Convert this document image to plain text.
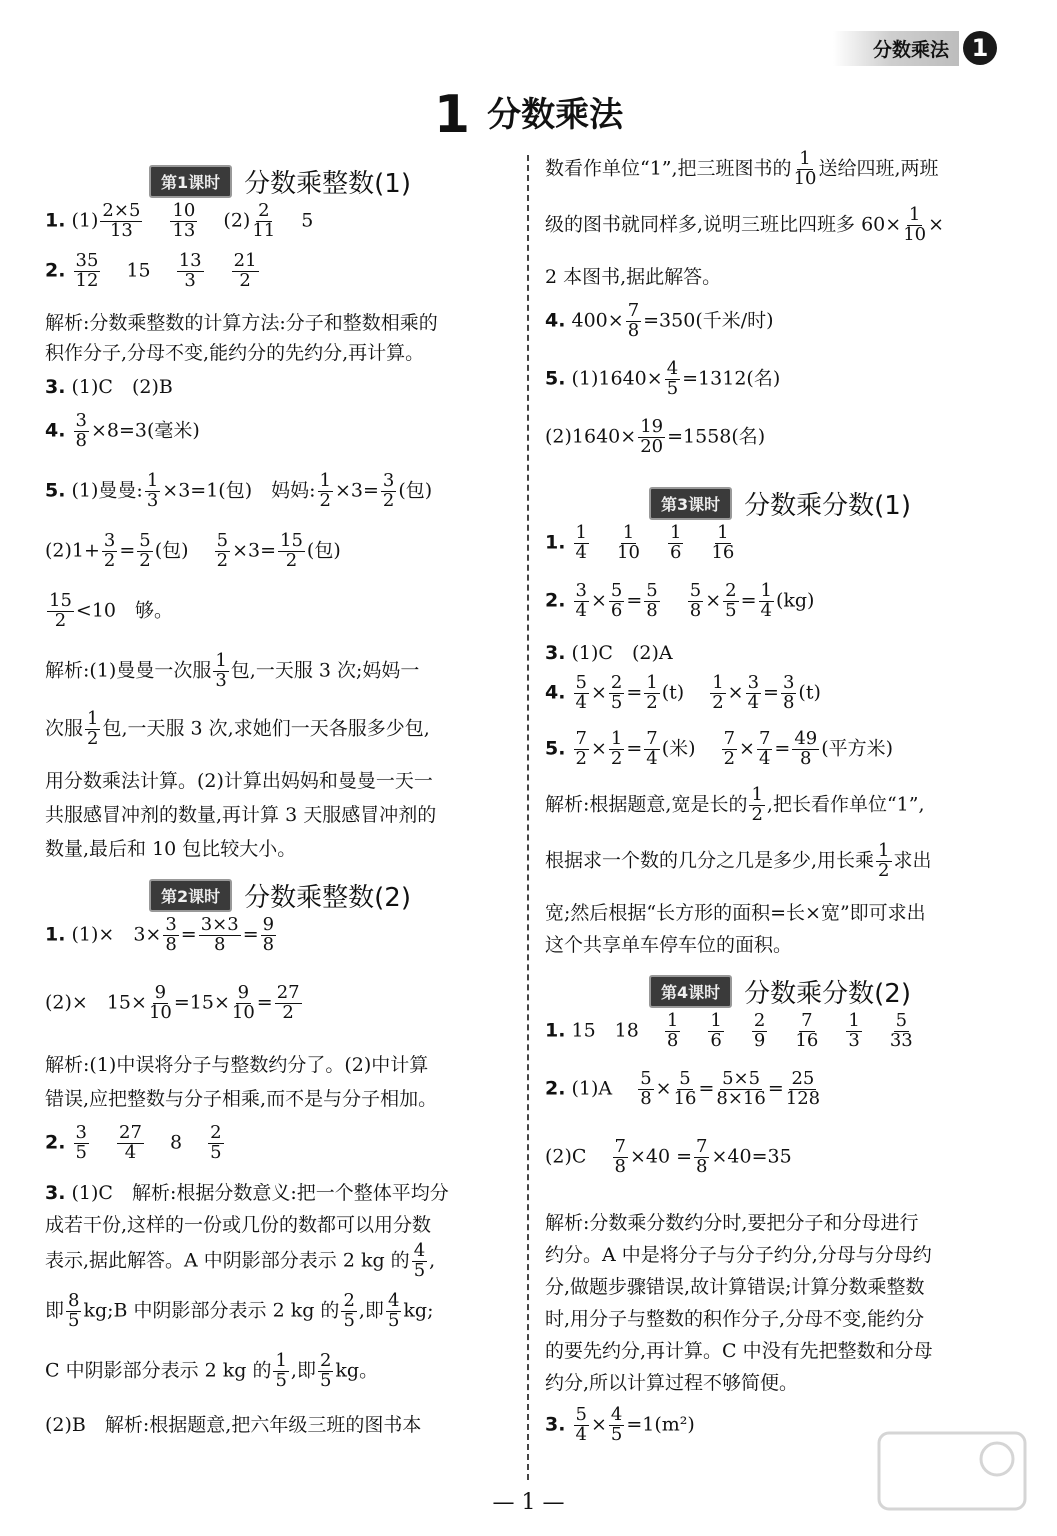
分数乘法 1
1 分数乘法
第1课时 分数乘整数(1)
1. $(1) \frac{2\times 5}{13}$
$\frac{10}{13} (2) \frac{2}{11} 5$
2. $\frac{35}{12} 15 \frac{13}{3}$
$\frac{21}{2}$
解析:分数乘整数的计算方法:分子和整数相乘的
积作分子,分母不变,能约分的先约分,再计算。
3. (1)C　(2)B
4. $\frac{3}{8} \times 8=3$(毫米)
5. (1)曼曼: $\frac{1}{3} \times 3=1$(包)　妈妈: $\frac{1}{2} \times 3= \frac{3}{2}$ (包)
$(2)1+ \frac{3}{2} = \frac{5}{2}$ (包) $\frac{5}{2} \times 3= \frac{15}{2}$ (包)
$\frac{15}{2} <10$　够。
解析:(1)曼曼一次服 $\frac{1}{3}$ 包,一天服 3 次;妈妈一
次服 $\frac{1}{2}$ 包,一天服 3 次,求她们一天各服多少包,
用分数乘法计算。(2)计算出妈妈和曼曼一天一
共服感冒冲剂的数量,再计算 3 天服感冒冲剂的
数量,最后和 10 包比较大小。
第2课时 分数乘整数(2)
1. (1)×　$3\times \frac{3}{8} = \frac{3\times 3}{8} = \frac{9}{8}$
(2)×　$15\times \frac{9}{10} =15\times \frac{9}{10} = \frac{27}{2}$
解析:(1)中误将分子与整数约分了。(2)中计算
错误,应把整数与分子相乘,而不是与分子相加。
2. $\frac{3}{5}$
$\frac{27}{4} 8 \frac{2}{5}$
3. (1)C　解析:根据分数意义:把一个整体平均分
成若干份,这样的一份或几份的数都可以用分数
表示,据此解答。A 中阴影部分表示 2 kg 的 $\frac{4}{5}$ ,
即 $\frac{8}{5}$ kg;B 中阴影部分表示 2 kg 的 $\frac{2}{5}$ ,即 $\frac{4}{5}$ kg;
C 中阴影部分表示 2 kg 的 $\frac{1}{5}$ ,即 $\frac{2}{5}$ kg。
(2)B　解析:根据题意,把六年级三班的图书本
数看作单位“1”,把三班图书的 $\frac{1}{10}$ 送给四班,两班
级的图书就同样多,说明三班比四班多 $60\times \frac{1}{10}$ ×
2 本图书,据此解答。
4. $400\times \frac{7}{8} =350$(千米/时)
5. $(1)1640\times \frac{4}{5} =1312$(名)
$(2)1640\times \frac{19}{20} =1558$(名)
第3课时 分数乘分数(1)
1. $\frac{1}{4}$
$\frac{1}{10}$
$\frac{1}{6}$
$\frac{1}{16}$
2. $\frac{3}{4} \times \frac{5}{6} = \frac{5}{8}$
$\frac{5}{8} \times \frac{2}{5} = \frac{1}{4} (kg)$
3. (1)C　(2)A
4. $\frac{5}{4} \times \frac{2}{5} = \frac{1}{2} (t) \frac{1}{2} \times \frac{3}{4} = \frac{3}{8} (t)$
5. $\frac{7}{2} \times \frac{1}{2} = \frac{7}{4}$ (米) $\frac{7}{2} \times \frac{7}{4} = \frac{49}{8}$ (平方米)
解析:根据题意,宽是长的 $\frac{1}{2}$ ,把长看作单位“1”,
根据求一个数的几分之几是多少,用长乘 $\frac{1}{2}$ 求出
宽;然后根据“长方形的面积=长×宽”即可求出
这个共享单车停车位的面积。
第4课时 分数乘分数(2)
1. 15　$18 \frac{1}{8}$
$\frac{1}{6}$
$\frac{2}{9}$
$\frac{7}{16}$
$\frac{1}{3}$
$\frac{5}{33}$
2. $(1)A \frac{5}{8} \times \frac{5}{16} = \frac{5\times 5}{8\times 16} = \frac{25}{128}$
$(2)C \frac{7}{8} \times 40 = \frac{7}{8} \times 40=35$
解析:分数乘分数约分时,要把分子和分母进行
约分。A 中是将分子与分子约分,分母与分母约
分,做题步骤错误,故计算错误;计算分数乘整数
时,用分子与整数的积作分子,分母不变,能约分
的要先约分,再计算。C 中没有先把整数和分母
约分,所以计算过程不够简便。
3. $\frac{5}{4} \times \frac{4}{5} =1(m^2)$
— 1 —
